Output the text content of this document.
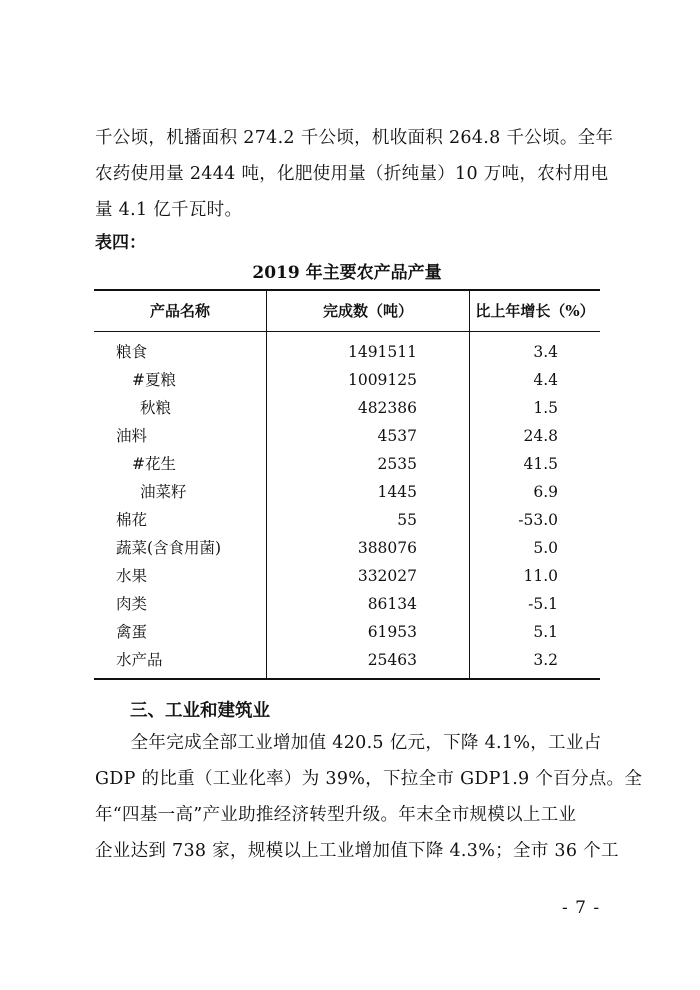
千公顷，机播面积 274.2 千公顷，机收面积 264.8 千公顷。全年
农药使用量 2444 吨，化肥使用量（折纯量）10 万吨，农村用电
量 4.1 亿千瓦时。

表四：

2019 年主要农产品产量

产品名称	完成数（吨）	比上年增长（%）
粮食	1491511	3.4
#夏粮	1009125	4.4
秋粮	482386	1.5
油料	4537	24.8
#花生	2535	41.5
油菜籽	1445	6.9
棉花	55	-53.0
蔬菜(含食用菌)	388076	5.0
水果	332027	11.0
肉类	86134	-5.1
禽蛋	61953	5.1
水产品	25463	3.2

三、工业和建筑业

　　全年完成全部工业增加值 420.5 亿元，下降 4.1%，工业占
GDP 的比重（工业化率）为 39%，下拉全市 GDP1.9 个百分点。全
年“四基一高”产业助推经济转型升级。年末全市规模以上工业
企业达到 738 家，规模以上工业增加值下降 4.3%；全市 36 个工

- 7 -
